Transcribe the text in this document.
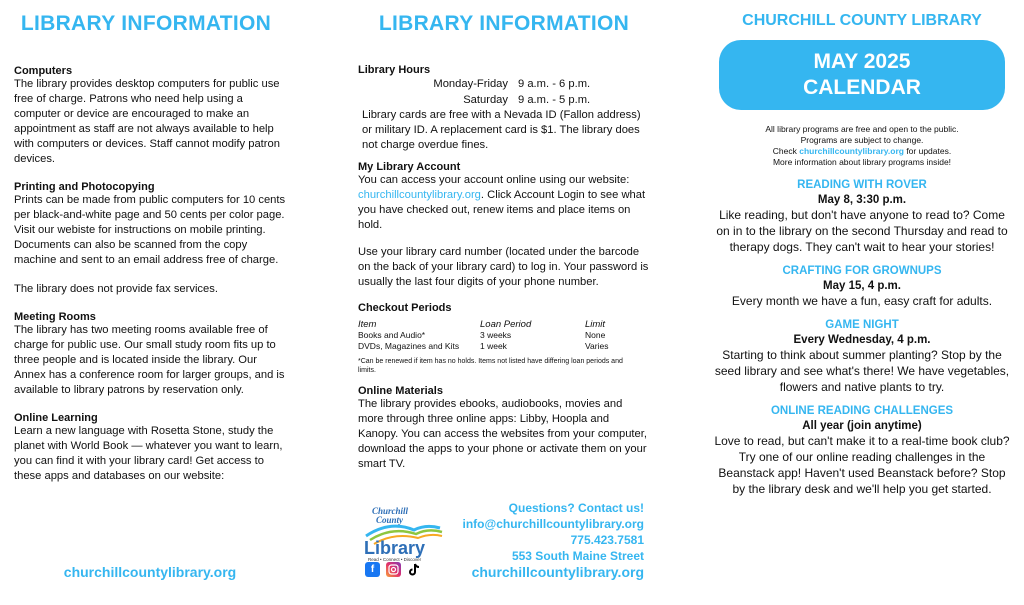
LIBRARY INFORMATION

Computers

The library provides desktop computers for public use free of charge. Patrons who need help using a computer or device are encouraged to make an appointment as staff are not always available to help with computers or devices. Staff cannot modify patron devices.

Printing and Photocopying

Prints can be made from public computers for 10 cents per black-and-white page and 50 cents per color page. Visit our webiste for instructions on mobile printing. Documents can also be scanned from the copy machine and sent to an email address free of charge.

The library does not provide fax services.

Meeting Rooms

The library has two meeting rooms available free of charge for public use. Our small study room fits up to three people and is located inside the library. Our Annex has a conference room for larger groups, and is available to library patrons by reservation only.

Online Learning

Learn a new language with Rosetta Stone, study the planet with World Book — whatever you want to learn, you can find it with your library card! Get access to these apps and databases on our website:

churchillcountylibrary.org
LIBRARY INFORMATION

Library Hours

Monday-Friday 9 a.m. - 6 p.m.
Saturday 9 a.m. - 5 p.m.

Library cards are free with a Nevada ID (Fallon address) or military ID. A replacement card is $1. The library does not charge overdue fines.

My Library Account

You can access your account online using our website: churchillcountylibrary.org. Click Account Login to see what you have checked out, renew items and place items on hold.

Use your library card number (located under the barcode on the back of your library card) to log in. Your password is usually the last four digits of your phone number.

Checkout Periods

Item	Loan Period	Limit
Books and Audio*	3 weeks	None
DVDs, Magazines and Kits	1 week	Varies

*Can be renewed if item has no holds. Items not listed have differing loan periods and limits.

Online Materials

The library provides ebooks, audiobooks, movies and more through three online apps: Libby, Hoopla and Kanopy. You can access the websites from your computer, download the apps to your phone or activate them on your smart TV.

Churchill
County
Library
Read • Connect • Discover
f
Questions? Contact us!
info@churchillcountylibrary.org
775.423.7581
553 South Maine Street
churchillcountylibrary.org

CHURCHILL COUNTY LIBRARY

MAY 2025
CALENDAR
All library programs are free and open to the public.
Programs are subject to change.
Check churchillcountylibrary.org for updates.
More information about library programs inside!

READING WITH ROVER

May 8, 3:30 p.m.

Like reading, but don't have anyone to read to? Come on in to the library on the second Thursday and read to therapy dogs. They can't wait to hear your stories!

CRAFTING FOR GROWNUPS

May 15, 4 p.m.

Every month we have a fun, easy craft for adults.

GAME NIGHT

Every Wednesday, 4 p.m.

Starting to think about summer planting? Stop by the seed library and see what's there! We have vegetables, flowers and native plants to try.

ONLINE READING CHALLENGES

All year (join anytime)

Love to read, but can't make it to a real-time book club? Try one of our online reading challenges in the Beanstack app! Haven't used Beanstack before? Stop by the library desk and we'll help you get started.
